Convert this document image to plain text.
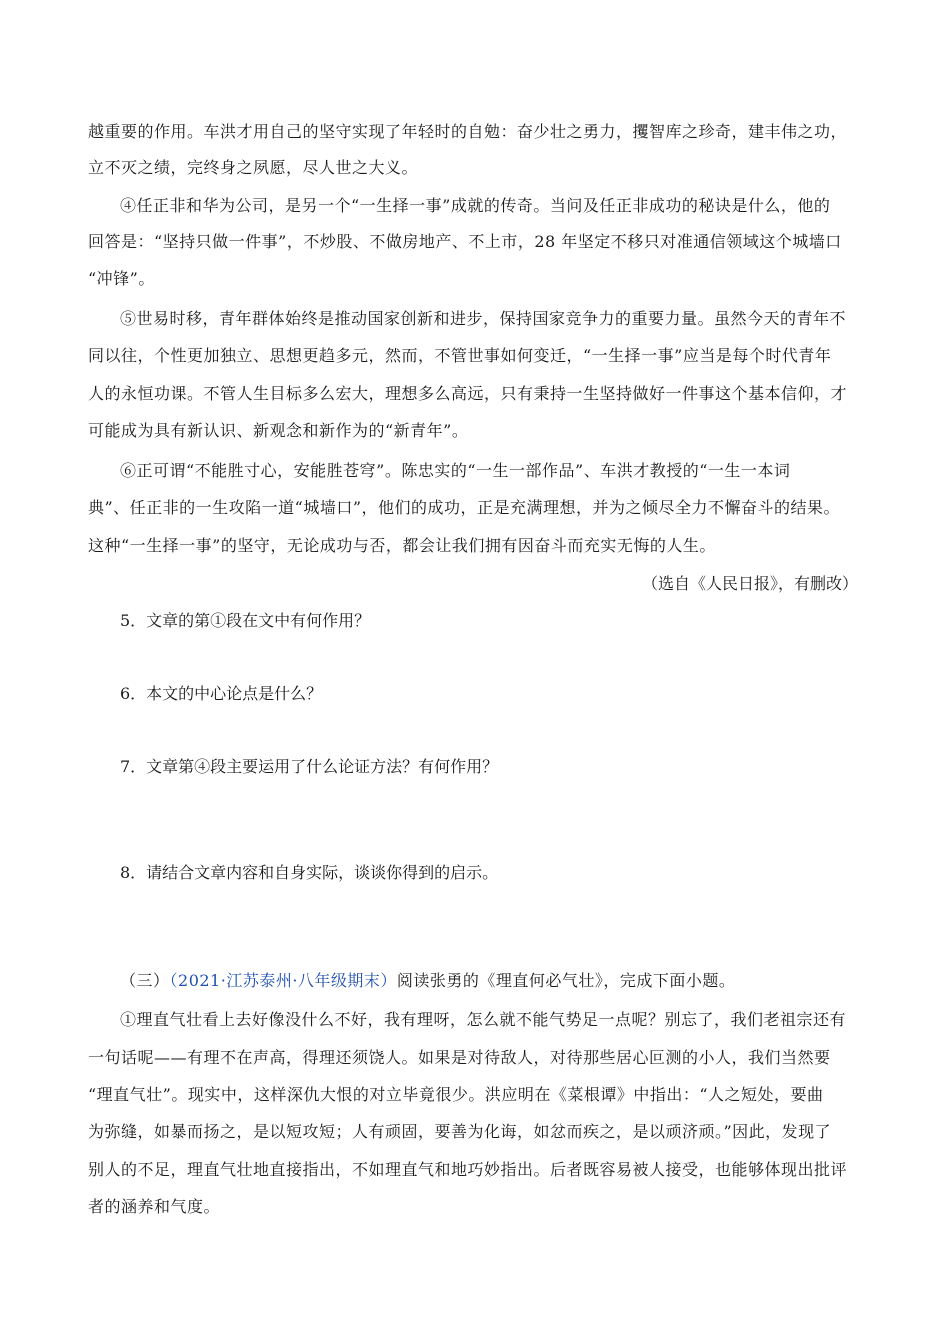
越重要的作用。车洪才用自己的坚守实现了年轻时的自勉：奋少壮之勇力，攫智库之珍奇，建丰伟之功，
立不灭之绩，完终身之夙愿，尽人世之大义。
④任正非和华为公司，是另一个“一生择一事”成就的传奇。当问及任正非成功的秘诀是什么，他的
回答是：“坚持只做一件事”，不炒股、不做房地产、不上市，28 年坚定不移只对准通信领域这个城墙口
“冲锋”。
⑤世易时移，青年群体始终是推动国家创新和进步，保持国家竞争力的重要力量。虽然今天的青年不
同以往，个性更加独立、思想更趋多元，然而，不管世事如何变迁，“一生择一事”应当是每个时代青年
人的永恒功课。不管人生目标多么宏大，理想多么高远，只有秉持一生坚持做好一件事这个基本信仰，才
可能成为具有新认识、新观念和新作为的“新青年”。
⑥正可谓“不能胜寸心，安能胜苍穹”。陈忠实的“一生一部作品”、车洪才教授的“一生一本词
典”、任正非的一生攻陷一道“城墙口”，他们的成功，正是充满理想，并为之倾尽全力不懈奋斗的结果。
这种“一生择一事”的坚守，无论成功与否，都会让我们拥有因奋斗而充实无悔的人生。
（选自《人民日报》，有删改）
5．文章的第①段在文中有何作用？
6．本文的中心论点是什么？
7．文章第④段主要运用了什么论证方法？有何作用？
8．请结合文章内容和自身实际，谈谈你得到的启示。
（三）（2021·江苏泰州·八年级期末）阅读张勇的《理直何必气壮》，完成下面小题。
①理直气壮看上去好像没什么不好，我有理呀，怎么就不能气势足一点呢？别忘了，我们老祖宗还有
一句话呢——有理不在声高，得理还须饶人。如果是对待敌人，对待那些居心叵测的小人，我们当然要
“理直气壮”。现实中，这样深仇大恨的对立毕竟很少。洪应明在《菜根谭》中指出：“人之短处，要曲
为弥缝，如暴而扬之，是以短攻短；人有顽固，要善为化诲，如忿而疾之，是以顽济顽。”因此，发现了
别人的不足，理直气壮地直接指出，不如理直气和地巧妙指出。后者既容易被人接受，也能够体现出批评
者的涵养和气度。
